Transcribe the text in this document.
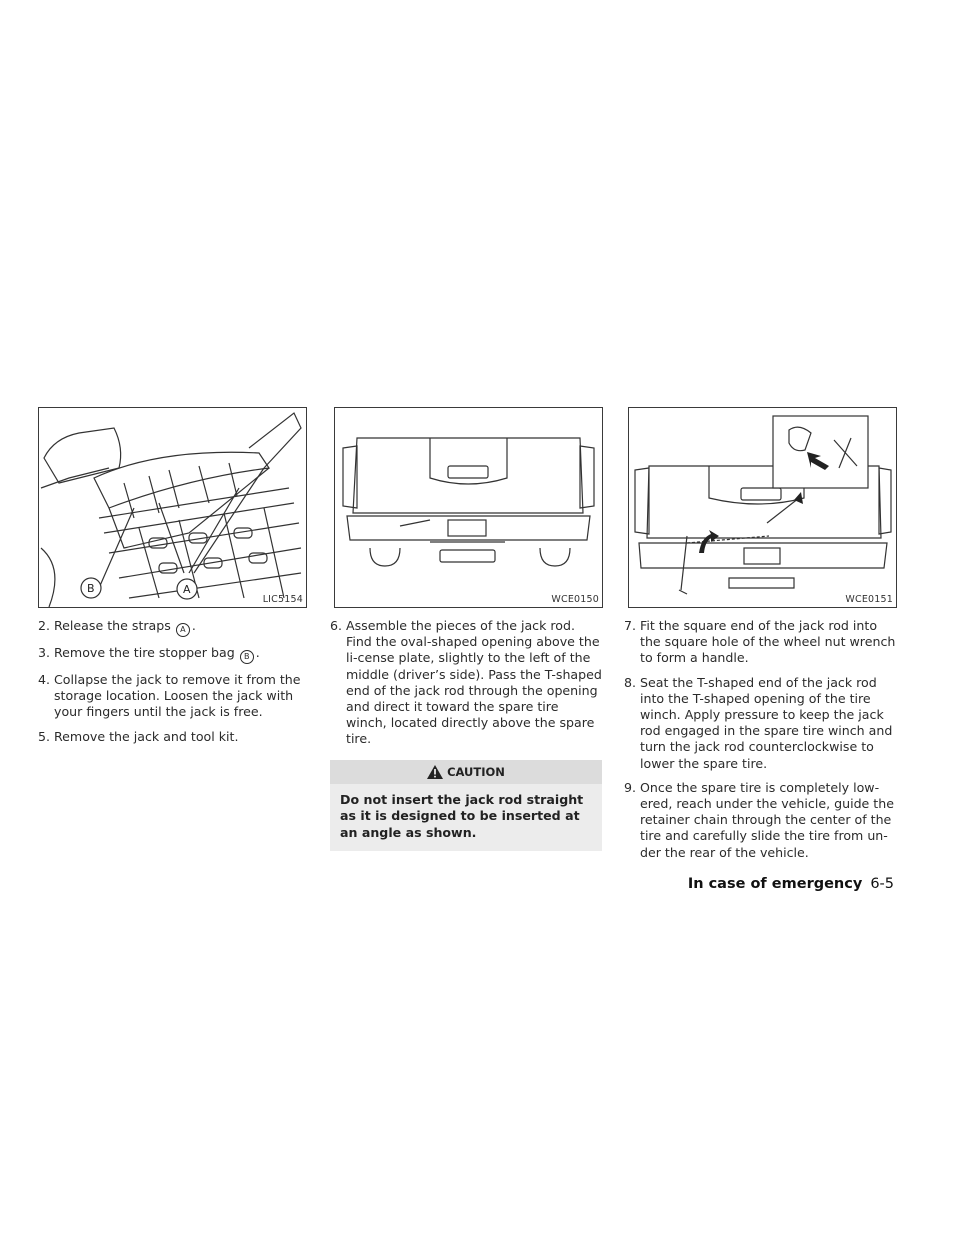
B	A
LIC5154	WCE0150	WCE0151

2. Release the straps A .

3. Remove the tire stopper bag B .

4. Collapse the jack to remove it from the storage location. Loosen the jack with your fingers until the jack is free.

5. Remove the jack and tool kit.

6. Assemble the pieces of the jack rod. Find the oval-shaped opening above the li-cense plate, slightly to the left of the middle (driver’s side). Pass the T-shaped end of the jack rod through the opening and direct it toward the spare tire winch, located directly above the spare tire.

CAUTION
Do not insert the jack rod straight as it is designed to be inserted at an angle as shown.

7. Fit the square end of the jack rod into the square hole of the wheel nut wrench to form a handle.

8. Seat the T-shaped end of the jack rod into the T-shaped opening of the tire winch. Apply pressure to keep the jack rod engaged in the spare tire winch and turn the jack rod counterclockwise to lower the spare tire.

9. Once the spare tire is completely low-ered, reach under the vehicle, guide the retainer chain through the center of the tire and carefully slide the tire from un-der the rear of the vehicle.

In case of emergency 6-5
